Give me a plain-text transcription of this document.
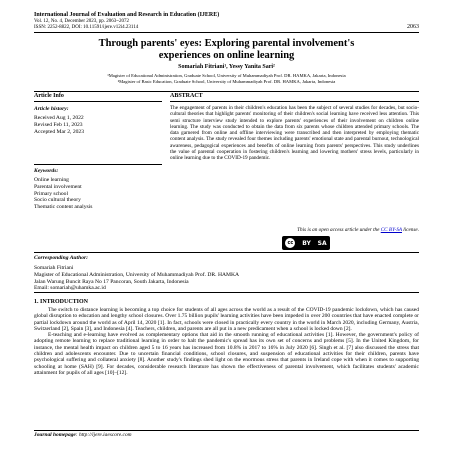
International Journal of Evaluation and Research in Education (IJERE)
Vol. 12, No. 4, December 2023, pp. 2063~2072
ISSN: 2252-8822, DOI: 10.11591/ijere.v12i4.23114	2063
Through parents' eyes: Exploring parental involvement's
experiences on online learning
Somariah Fitriani¹, Yessy Yanita Sari²
¹Magister of Educational Administration, Graduate School, University of Muhammadiyah Prof. DR. HAMKA, Jakarta, Indonesia
²Magister of Basic Education, Graduate School, University of Muhammadiyah Prof. DR. HAMKA, Jakarta, Indonesia
Article Info	ABSTRACT
Article history:
Received Aug 1, 2022
Revised Feb 11, 2023
Accepted Mar 2, 2023
Keywords:
Online learning
Parental involvement
Primary school
Socio cultural theory
Thematic content analysis
The engagement of parents in their children's education has been the subject of several studies for decades, but socio-cultural theories that highlight parents' monitoring of their children's social learning have received less attention. This semi structure interview study intended to explore parents' experiences of their involvement on children online learning. The study was conducted to obtain the data from six parents whose children attended primary schools. The data garnered from online and offline interviewing were transcribed and then interpreted by employing thematic content analysis. The study revealed four themes including parents' emotional state and parental burnout, technological awareness, pedagogical experiences and benefits of online learning from parents' perspectives. This study underlines the value of parental cooperation in fostering children's learning and lowering mothers' stress levels, particularly in online learning due to the COVID-19 pandemic.
This is an open access article under the CC BY-SA license.
cc	BY SA
Corresponding Author:
Somariah Fitriani
Magister of Educational Administration, University of Muhammadiyah Prof. DR. HAMKA
Jalan Warung Buncit Raya No 17 Pancoran, South Jakarta, Indonesia
Email: somariah@uhamka.ac.id
1. INTRODUCTION

The switch to distance learning is becoming a top choice for students of all ages across the world as a result of the COVID-19 pandemic lockdown, which has caused global disruption to education and lengthy school closures. Over 1.75 billion pupils' learning activities have been impeded in over 200 countries that have enacted complete or partial lockdown around the world as of April 14, 2020 [1]. In fact, schools were closed in practically every country in the world in March 2020, including Germany, Austria, Switzerland [2], Spain [3], and Indonesia [4]. Teachers, children, and parents are all put in a new predicament when a school is locked down [2].

E-teaching and e-learning have evolved as complementary options that aid in the smooth running of educational activities [1]. However, the government's policy of adopting remote learning to replace traditional learning in order to halt the pandemic's spread has its own set of concerns and problems [5]. In the United Kingdom, for instance, the mental health impact on children aged 5 to 16 years has increased from 10.8% in 2017 to 16% in July 2020 [6]. Singh et al. [7] also discussed the stress that children and adolescents encounter. Due to uncertain financial conditions, school closures, and suspension of educational activities for their children, parents have psychological suffering and collateral anxiety [8]. Another study's findings shed light on the enormous stress that parents in Ireland cope with when it comes to supporting schooling at home (SAH) [9]. For decades, considerable research literature has shown the effectiveness of parental involvement, which facilitates students' academic attainment for pupils of all ages [10]–[12].

Journal homepage: http://ijere.iaescore.com
